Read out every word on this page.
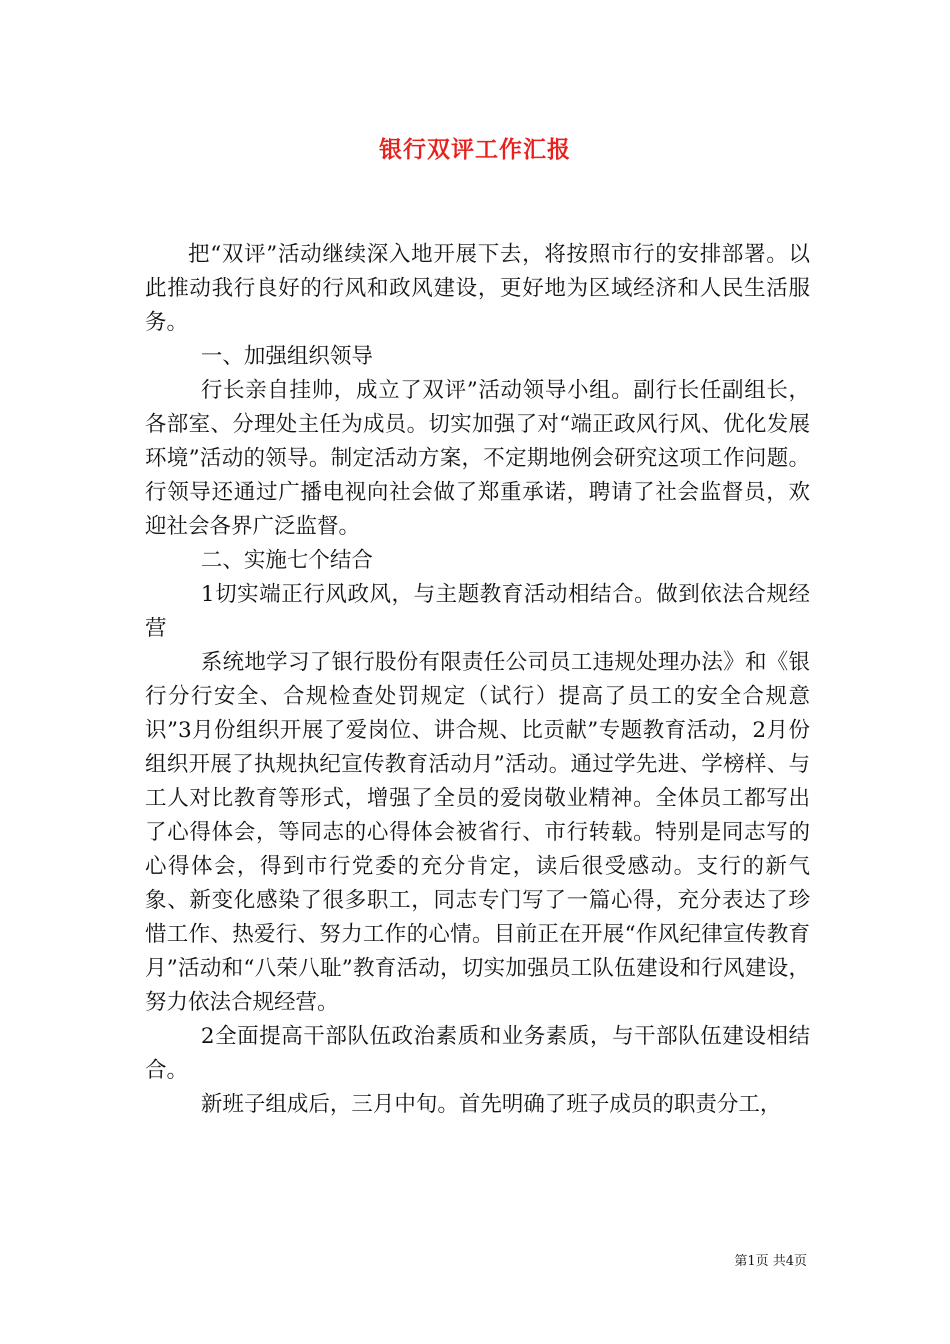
银行双评工作汇报

把“双评”活动继续深入地开展下去，将按照市行的安排部署。以此推动我行良好的行风和政风建设，更好地为区域经济和人民生活服务。

一、加强组织领导

行长亲自挂帅，成立了双评”活动领导小组。副行长任副组长，各部室、分理处主任为成员。切实加强了对“端正政风行风、优化发展环境”活动的领导。制定活动方案，不定期地例会研究这项工作问题。行领导还通过广播电视向社会做了郑重承诺，聘请了社会监督员，欢迎社会各界广泛监督。

二、实施七个结合

1切实端正行风政风，与主题教育活动相结合。做到依法合规经营

系统地学习了银行股份有限责任公司员工违规处理办法》和《银行分行安全、合规检查处罚规定（试行）提高了员工的安全合规意识”3月份组织开展了爱岗位、讲合规、比贡献”专题教育活动，2月份组织开展了执规执纪宣传教育活动月”活动。通过学先进、学榜样、与工人对比教育等形式，增强了全员的爱岗敬业精神。全体员工都写出了心得体会，等同志的心得体会被省行、市行转载。特别是同志写的心得体会，得到市行党委的充分肯定，读后很受感动。支行的新气象、新变化感染了很多职工，同志专门写了一篇心得，充分表达了珍惜工作、热爱行、努力工作的心情。目前正在开展“作风纪律宣传教育月”活动和“八荣八耻”教育活动，切实加强员工队伍建设和行风建设，努力依法合规经营。

2全面提高干部队伍政治素质和业务素质，与干部队伍建设相结合。

新班子组成后，三月中旬。首先明确了班子成员的职责分工，

第1页 共4页
